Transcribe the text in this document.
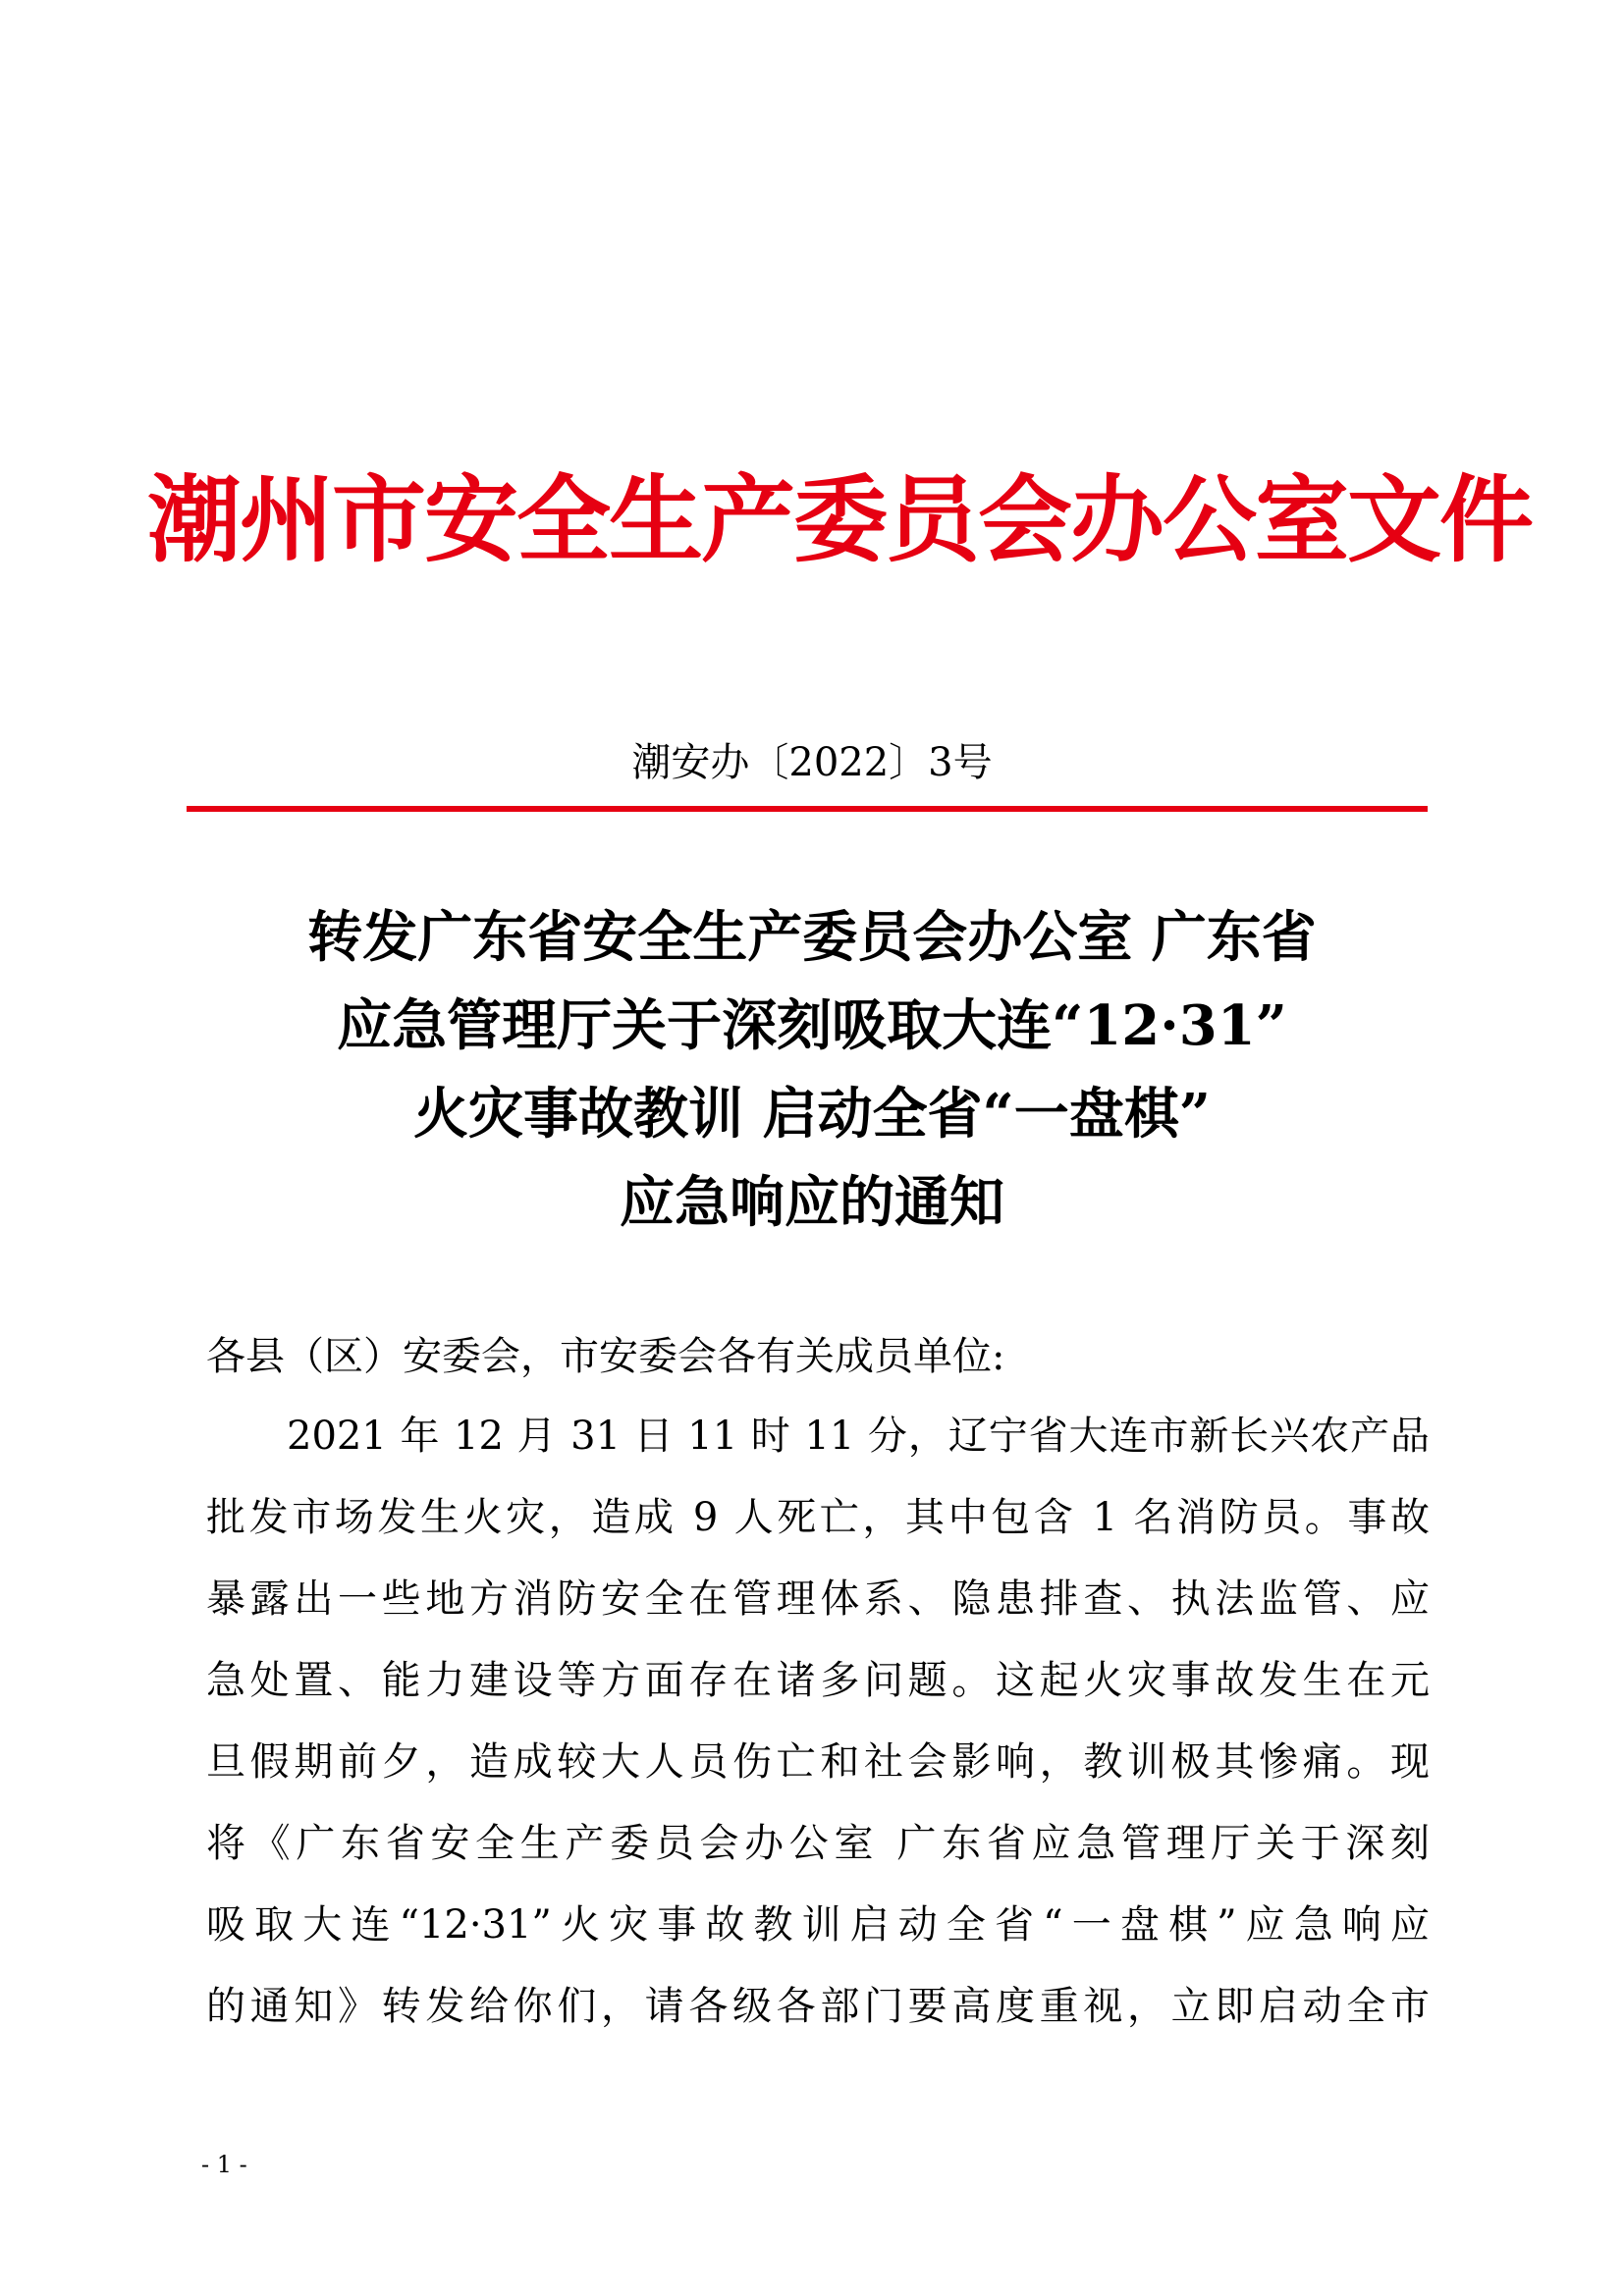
潮州市安全生产委员会办公室文件
潮安办〔2022〕3号
转发广东省安全生产委员会办公室 广东省
应急管理厅关于深刻吸取大连“12·31”
火灾事故教训 启动全省“一盘棋”
应急响应的通知
各县（区）安委会，市安委会各有关成员单位:
2021 年 12 月 31 日 11 时 11 分，辽宁省大连市新长兴农产品
批发市场发生火灾，造成 9 人死亡，其中包含 1 名消防员。事故
暴露出一些地方消防安全在管理体系、隐患排查、执法监管、应
急处置、能力建设等方面存在诸多问题。这起火灾事故发生在元
旦假期前夕，造成较大人员伤亡和社会影响，教训极其惨痛。现
将《广东省安全生产委员会办公室 广东省应急管理厅关于深刻
吸取大连“12·31”火灾事故教训启动全省“一盘棋”应急响应
的通知》转发给你们，请各级各部门要高度重视，立即启动全市
- 1 -
